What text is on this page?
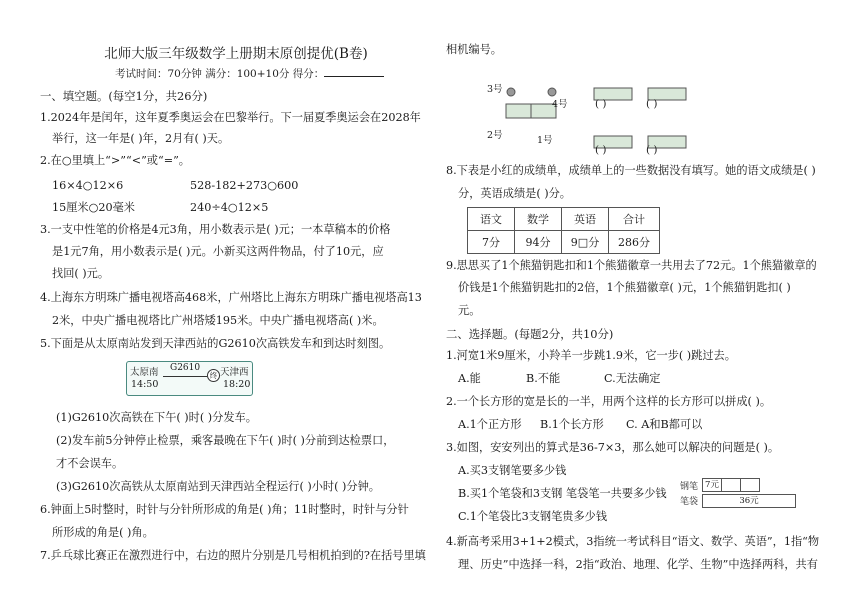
北师大版三年级数学上册期末原创提优(B卷)
考试时间：70分钟 满分：100+10分 得分：
一、填空题。(每空1分，共26分)
1.2024年是闰年，这年夏季奥运会在巴黎举行。下一届夏季奥运会在2028年
举行，这一年是( )年，2月有( )天。
2.在○里填上“>”“<”或“=”。
16×4○12×6	528-182+273○600
15厘米○20毫米	240÷4○12×5
3.一支中性笔的价格是4元3角，用小数表示是( )元；一本草稿本的价格
是1元7角，用小数表示是( )元。小新买这两件物品，付了10元，应
找回( )元。
4.上海东方明珠广播电视塔高468米，广州塔比上海东方明珠广播电视塔高13
2米，中央广播电视塔比广州塔矮195米。中央广播电视塔高( )米。
5.下面是从太原南站发到天津西站的G2610次高铁发车和到达时刻图。
太原南
14:50
G2610
终 天津西
18:20
(1)G2610次高铁在下午( )时( )分发车。
(2)发车前5分钟停止检票，乘客最晚在下午( )时( )分前到达检票口，
才不会误车。
(3)G2610次高铁从太原南站到天津西站全程运行( )小时( )分钟。
6.钟面上5时整时，时针与分针所形成的角是( )角；11时整时，时针与分针
所形成的角是( )角。
7.乒乓球比赛正在激烈进行中，右边的照片分别是几号相机拍到的?在括号里填
相机编号。
3号
4号
2号	1号
( )	( )
( )	( )
8.下表是小红的成绩单，成绩单上的一些数据没有填写。她的语文成绩是( )
分，英语成绩是( )分。
语文	数学	英语	合计
7分	94分	9□分	286分
9.思思买了1个熊猫钥匙扣和1个熊猫徽章一共用去了72元。1个熊猫徽章的
价钱是1个熊猫钥匙扣的2倍，1个熊猫徽章( )元，1个熊猫钥匙扣( )
元。
二、选择题。(每题2分，共10分)
1.河宽1米9厘米，小羚羊一步跳1.9米，它一步( )跳过去。
A.能	B.不能	C.无法确定
2.一个长方形的宽是长的一半，用两个这样的长方形可以拼成( )。
A.1个正方形 B.1个长方形 C. A和B都可以
3.如图，安安列出的算式是36-7×3，那么她可以解决的问题是( )。
A.买3支钢笔要多少钱
B.买1个笔袋和3支钢 笔袋笔一共要多少钱
C.1个笔袋比3支钢笔贵多少钱
钢笔 7元
笔袋	36元
4.新高考采用3+1+2模式，3指统一考试科目“语文、数学、英语”，1指“物
理、历史”中选择一科，2指“政治、地理、化学、生物”中选择两科，共有
